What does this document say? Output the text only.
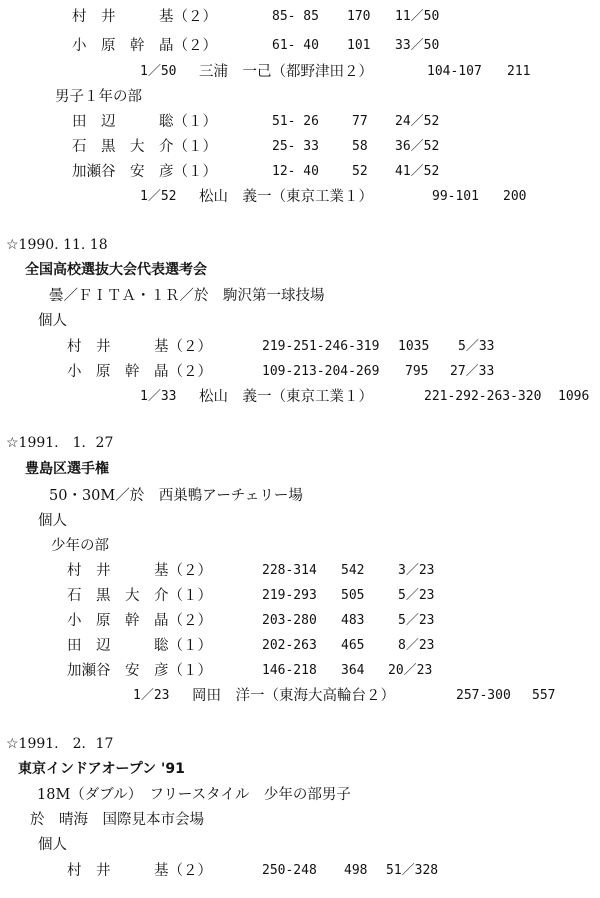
村　井　　　基（２）	85- 85 170 11／50
小　原　幹　晶（２）	61- 40 101 33／50
1／50 三浦　一己（都野津田２）	104-107 211
男子１年の部
田　辺　　　聡（１）	51- 26	77 24／52
石　黒　大　介（１）	25- 33	58 36／52
加瀬谷　安　彦（１）	12- 40	52 41／52
1／52 松山　義一（東京工業１）	99-101 200
☆1990. 11. 18
全国高校選抜大会代表選考会
曇／ＦＩＴＡ・１Ｒ／於　駒沢第一球技場
個人
村　井　　　基（２）	219-251-246-319 1035 5／33
小　原　幹　晶（２）	109-213-204-269 795 27／33
1／33 松山　義一（東京工業１）	221-292-263-320 1096
☆1991.　1．27
豊島区選手権
50・30M／於　西巣鴨アーチェリー場
個人
少年の部
村　井　　　基（２）	228-314 542	3／23
石　黒　大　介（１）	219-293 505	5／23
小　原　幹　晶（２）	203-280 483	5／23
田　辺　　　聡（１）	202-263 465	8／23
加瀬谷　安　彦（１）	146-218 364 20／23
1／23 岡田　洋一（東海大高輪台２）	257-300 557
☆1991.　2．17
東京インドアオープン '91
18M（ダブル）　フリースタイル　少年の部男子
於　晴海　国際見本市会場
個人
村　井　　　基（２）	250-248 498 51／328
